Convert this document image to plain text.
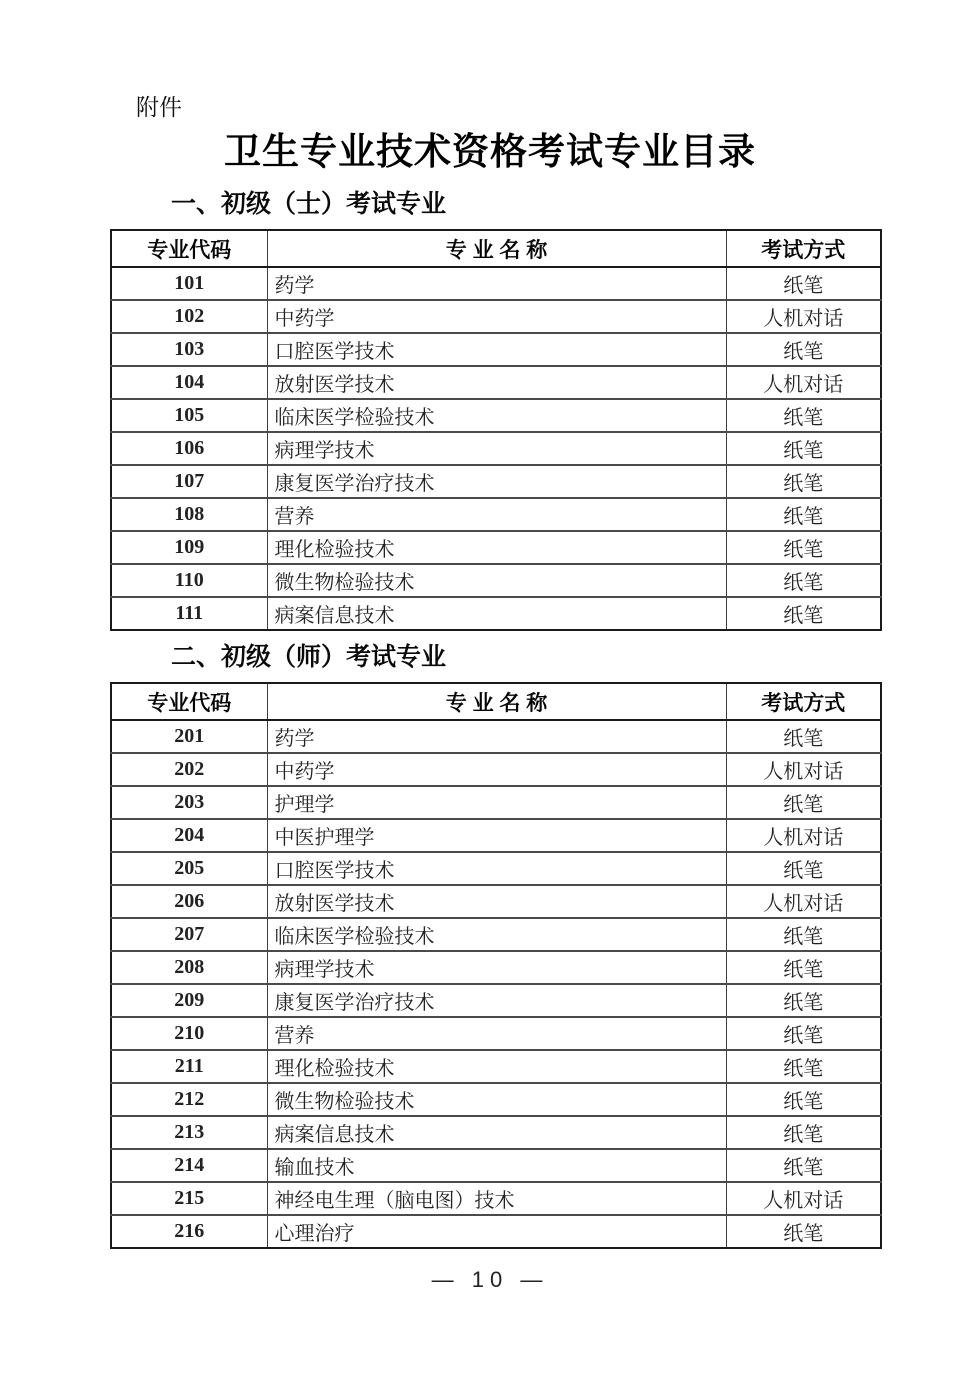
附件
卫生专业技术资格考试专业目录
一、初级（士）考试专业
专业代码	专 业 名 称	考试方式
101	药学	纸笔
102	中药学	人机对话
103	口腔医学技术	纸笔
104	放射医学技术	人机对话
105	临床医学检验技术	纸笔
106	病理学技术	纸笔
107	康复医学治疗技术	纸笔
108	营养	纸笔
109	理化检验技术	纸笔
110	微生物检验技术	纸笔
111	病案信息技术	纸笔
二、初级（师）考试专业
专业代码	专 业 名 称	考试方式
201	药学	纸笔
202	中药学	人机对话
203	护理学	纸笔
204	中医护理学	人机对话
205	口腔医学技术	纸笔
206	放射医学技术	人机对话
207	临床医学检验技术	纸笔
208	病理学技术	纸笔
209	康复医学治疗技术	纸笔
210	营养	纸笔
211	理化检验技术	纸笔
212	微生物检验技术	纸笔
213	病案信息技术	纸笔
214	输血技术	纸笔
215	神经电生理（脑电图）技术	人机对话
216	心理治疗	纸笔
— 10 —
